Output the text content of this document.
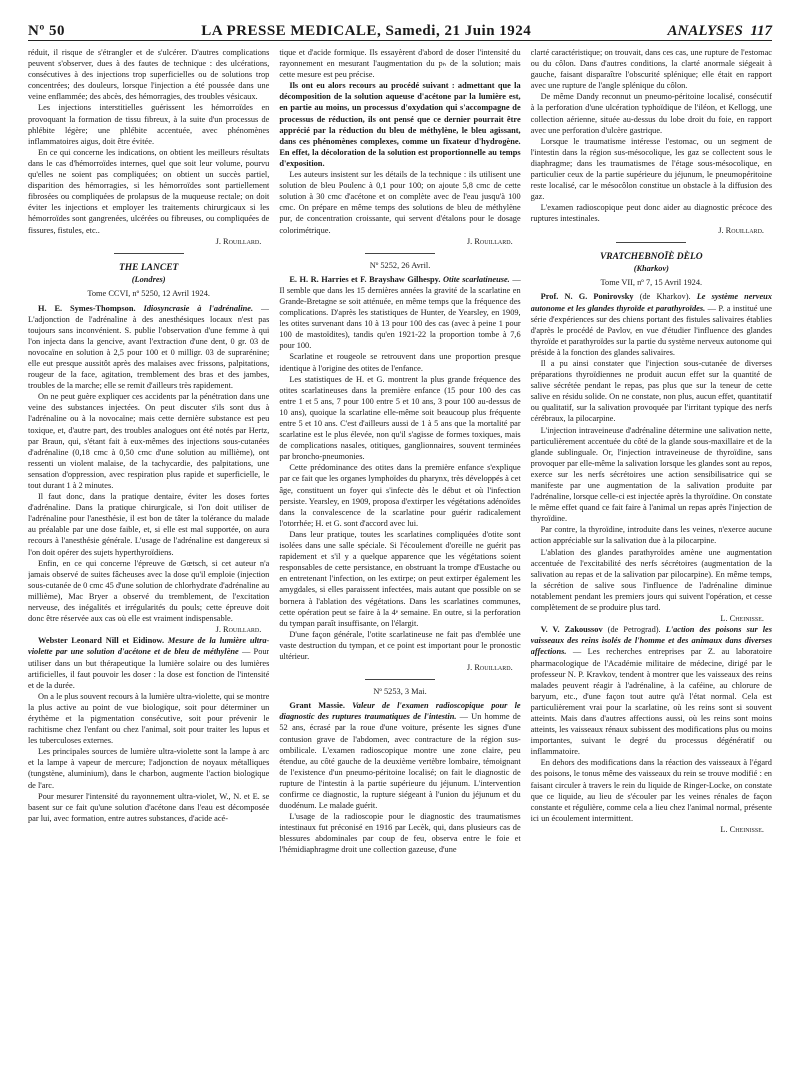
Nº 50	LA PRESSE MEDICALE, Samedi, 21 Juin 1924	ANALYSES 117

réduit, il risque de s'étrangler et de s'ulcérer. D'autres complications peuvent s'observer, dues à des fautes de technique : des ulcérations, consécutives à des injections trop superficielles ou de solutions trop concentrées; des douleurs, lorsque l'injection a été poussée dans une veine enflammée; des abcès, des hémorragies, des troubles vésicaux.

Les injections interstitielles guérissent les hémorroïdes en provoquant la formation de tissu fibreux, à la suite d'un processus de phlébite légère; une phlébite accentuée, avec phénomènes inflammatoires aigus, doit être évitée.

En ce qui concerne les indications, on obtient les meilleurs résultats dans le cas d'hémorroïdes internes, quel que soit leur volume, pourvu qu'elles ne soient pas compliquées; on obtient un succès partiel, disparition des hémorragies, si les hémorroïdes sont partiellement fibrosées ou compliquées de prolapsus de la muqueuse rectale; on doit éviter les injections et employer les traitements chirurgicaux si les hémorroïdes sont gangrenées, ulcérées ou fibreuses, ou compliquées de fissures, fistules, etc..

J. Rouillard.
THE LANCET
(Londres)
Tome CCVI, nº 5250, 12 Avril 1924.

H. E. Symes-Thompson. Idiosyncrasie à l'adrénaline. — L'adjonction de l'adrénaline à des anesthésiques locaux n'est pas toujours sans inconvénient. S. publie l'observation d'une femme à qui l'on injecta dans la gencive, avant l'extraction d'une dent, 0 gr. 03 de novocaïne en solution à 2,5 pour 100 et 0 milligr. 03 de suprarénine; elle eut presque aussitôt après des malaises avec frissons, palpitations, rougeur de la face, agitation, tremblement des bras et des jambes, troubles de la marche; elle se remit d'ailleurs très rapidement.

On ne peut guère expliquer ces accidents par la pénétration dans une veine des substances injectées. On peut discuter s'ils sont dus à l'adrénaline ou à la novocaïne; mais cette dernière substance est peu toxique, et, d'autre part, des troubles analogues ont été notés par Hertz, par Braun, qui, s'étant fait à eux-mêmes des injections sous-cutanées d'adrénaline (0,18 cmc à 0,50 cmc d'une solution au millième), ont ressenti un violent malaise, de la tachycardie, des palpitations, une sensation d'oppression, avec respiration plus rapide et superficielle, le tout durant 1 à 2 minutes.

Il faut donc, dans la pratique dentaire, éviter les doses fortes d'adrénaline. Dans la pratique chirurgicale, si l'on doit utiliser de l'adrénaline pour l'anesthésie, il est bon de tâter la tolérance du malade au préalable par une dose faible, et, si elle est mal supportée, on aura recours à l'anesthésie générale. L'usage de l'adrénaline est dangereux si l'on doit opérer des sujets hyperthyroïdiens.

Enfin, en ce qui concerne l'épreuve de Gœtsch, si cet auteur n'a jamais observé de suites fâcheuses avec la dose qu'il emploie (injection sous-cutanée de 0 cmc 45 d'une solution de chlorhydrate d'adrénaline au millième), Mac Bryer a observé du tremblement, de l'excitation nerveuse, des inégalités et irrégularités du pouls; cette épreuve doit donc être réservée aux cas où elle est vraiment indispensable.

J. Rouillard.

Webster Leonard Nill et Eidinow. Mesure de la lumière ultra-violette par une solution d'acétone et de bleu de méthylène — Pour utiliser dans un but thérapeutique la lumière solaire ou des lumières artificielles, il faut pouvoir les doser : la dose est fonction de l'intensité et de la durée.

On a le plus souvent recours à la lumière ultra-violette, qui se montre la plus active au point de vue biologique, soit pour déterminer un érythème et la pigmentation consécutive, soit pour prévenir le rachitisme chez l'enfant ou chez l'animal, soit pour traiter les lupus et les tuberculoses externes.

Les principales sources de lumière ultra-violette sont la lampe à arc et la lampe à vapeur de mercure; l'adjonction de noyaux métalliques (tungstène, aluminium), dans le charbon, augmente l'action biologique de l'arc.

Pour mesurer l'intensité du rayonnement ultra-violet, W., N. et E. se basent sur ce fait qu'une solution d'acétone dans l'eau est décomposée par lui, avec formation, entre autres substances, d'acide acé-

tique et d'acide formique. Ils essayèrent d'abord de doser l'intensité du rayonnement en mesurant l'augmentation du pₕ de la solution; mais cette mesure est peu précise.

Ils ont eu alors recours au procédé suivant : admettant que la décomposition de la solution aqueuse d'acétone par la lumière est, en partie au moins, un processus d'oxydation qui s'accompagne de processus de réduction, ils ont pensé que ce dernier pourrait être apprécié par la réduction du bleu de méthylène, le bleu agissant, dans ces phénomènes complexes, comme un fixateur d'hydrogène. En effet, la décoloration de la solution est proportionnelle au temps d'exposition.

Les auteurs insistent sur les détails de la technique : ils utilisent une solution de bleu Poulenc à 0,1 pour 100; on ajoute 5,8 cmc de cette solution à 30 cmc d'acétone et on complète avec de l'eau jusqu'à 100 cmc. On prépare en même temps des solutions de bleu de méthylène pur, de concentration croissante, qui servent d'étalons pour le dosage colorimétrique.

J. Rouillard.
Nº 5252, 26 Avril.

E. H. R. Harries et F. Brayshaw Gilhespy. Otite scarlatineuse. — Il semble que dans les 15 dernières années la gravité de la scarlatine en Grande-Bretagne se soit atténuée, en même temps que la fréquence des complications. D'après les statistiques de Hunter, de Yearsley, en 1909, les otites survenant dans 10 à 13 pour 100 des cas (avec à peine 1 pour 100 de mastoïdites), tandis qu'en 1921-22 la proportion tombe à 7,6 pour 100.

Scarlatine et rougeole se retrouvent dans une proportion presque identique à l'origine des otites de l'enfance.

Les statistiques de H. et G. montrent la plus grande fréquence des otites scarlatineuses dans la première enfance (15 pour 100 des cas entre 1 et 5 ans, 7 pour 100 entre 5 et 10 ans, 3 pour 100 au-dessus de 10 ans), quoique la scarlatine elle-même soit beaucoup plus fréquente entre 5 et 10 ans. C'est d'ailleurs aussi de 1 à 5 ans que la mortalité par scarlatine est le plus élevée, non qu'il s'agisse de formes toxiques, mais de complications nasales, otitiques, ganglionnaires, souvent terminées par broncho-pneumonies.

Cette prédominance des otites dans la première enfance s'explique par ce fait que les organes lymphoïdes du pharynx, très développés à cet âge, constituent un foyer qui s'infecte dès le début et où l'infection persiste. Yearsley, en 1909, proposa d'extirper les végétations adénoïdes dans la convalescence de la scarlatine pour guérir radicalement l'otorrhée; H. et G. sont d'accord avec lui.

Dans leur pratique, toutes les scarlatines compliquées d'otite sont isolées dans une salle spéciale. Si l'écoulement d'oreille ne guérit pas rapidement et s'il y a quelque apparence que les végétations soient responsables de cette persistance, en obstruant la trompe d'Eustache ou en entretenant l'infection, on les extirpe; on peut extirper également les amygdales, si elles paraissent infectées, mais autant que possible on se bornera à l'ablation des végétations. Dans les scarlatines communes, cette opération peut se faire à la 4ᵉ semaine. En outre, si la perforation du tympan paraît insuffisante, on l'élargit.

D'une façon générale, l'otite scarlatineuse ne fait pas d'emblée une vaste destruction du tympan, et ce point est important pour le pronostic ultérieur.

J. Rouillard.
Nº 5253, 3 Mai.

Grant Massie. Valeur de l'examen radioscopique pour le diagnostic des ruptures traumatiques de l'intestin. — Un homme de 52 ans, écrasé par la roue d'une voiture, présente les signes d'une contusion grave de l'abdomen, avec contracture de la région sus-ombilicale. L'examen radioscopique montre une zone claire, peu étendue, au côté gauche de la deuxième vertèbre lombaire, témoignant de l'existence d'un pneumo-péritoine localisé; on fait le diagnostic de rupture de l'intestin à la partie supérieure du jéjunum. L'intervention confirme ce diagnostic, la rupture siégeant à l'union du jéjunum et du duodénum. Le malade guérit.

L'usage de la radioscopie pour le diagnostic des traumatismes intestinaux fut préconisé en 1916 par Lecèk, qui, dans plusieurs cas de blessures abdominales par coup de feu, observa entre le foie et l'hémidiaphragme droit une collection gazeuse, d'une

clarté caractéristique; on trouvait, dans ces cas, une rupture de l'estomac ou du côlon. Dans d'autres conditions, la clarté anormale siégeait à gauche, faisant disparaître l'obscurité splénique; elle était en rapport avec une rupture de l'angle splénique du côlon.

De même Dandy reconnut un pneumo-péritoine localisé, consécutif à la perforation d'une ulcération typhoïdique de l'iléon, et Kellogg, une collection aérienne, située au-dessus du lobe droit du foie, en rapport avec une perforation d'ulcère gastrique.

Lorsque le traumatisme intéresse l'estomac, ou un segment de l'intestin dans la région sus-mésocolique, les gaz se collectent sous le diaphragme; dans les traumatismes de l'étage sous-mésocolique, en particulier ceux de la partie supérieure du jéjunum, le pneumopéritoine reste localisé, car le mésocôlon constitue un obstacle à la diffusion des gaz.

L'examen radioscopique peut donc aider au diagnostic précoce des ruptures intestinales.

J. Rouillard.
VRATCHEBNOÏÈ DÈLO
(Kharkov)
Tome VII, nº 7, 15 Avril 1924.

Prof. N. G. Ponirovsky (de Kharkov). Le système nerveux autonome et les glandes thyroïde et parathyroïdes. — P. a institué une série d'expériences sur des chiens portant des fistules salivaires établies d'après le procédé de Pavlov, en vue d'étudier l'influence des glandes thyroïde et parathyroïdes sur la partie du système nerveux autonome qui préside à la fonction des glandes salivaires.

Il a pu ainsi constater que l'injection sous-cutanée de diverses préparations thyroïdiennes ne produit aucun effet sur la quantité de salive sécrétée pendant le repas, pas plus que sur la teneur de cette salive en résidu solide. On ne constate, non plus, aucun effet, quantitatif ou qualitatif, sur la salivation provoquée par l'irritant typique des nerfs cérébraux, la pilocarpine.

L'injection intraveineuse d'adrénaline détermine une salivation nette, particulièrement accentuée du côté de la glande sous-maxillaire et de la glande sublinguale. Or, l'injection intraveineuse de thyroïdine, sans provoquer par elle-même la salivation lorsque les glandes sont au repos, exerce sur les nerfs sécrétoires une action sensibilisatrice qui se manifeste par une augmentation de la salivation produite par l'adrénaline, lorsque celle-ci est injectée après la thyroïdine. On constate le même effet quand ce fait faire à l'animal un repas après l'injection de thyroïdine.

Par contre, la thyroïdine, introduite dans les veines, n'exerce aucune action appréciable sur la salivation due à la pilocarpine.

L'ablation des glandes parathyroïdes amène une augmentation accentuée de l'excitabilité des nerfs sécrétoires (augmentation de la salivation au repas et de la salivation par pilocarpine). En même temps, la sécrétion de salive sous l'influence de l'adrénaline diminue notablement pendant les premiers jours qui suivent l'opération, et cesse complètement de se produire plus tard.

L. Cheinisse.

V. V. Zakoussov (de Petrograd). L'action des poisons sur les vaisseaux des reins isolés de l'homme et des animaux dans diverses affections. — Les recherches entreprises par Z. au laboratoire pharmacologique de l'Académie militaire de médecine, dirigé par le professeur N. P. Kravkov, tendent à montrer que les vaisseaux des reins malades peuvent réagir à l'adrénaline, à la caféine, au chlorure de baryum, etc., d'une façon tout autre qu'à l'état normal. Cela est particulièrement vrai pour la scarlatine, où les reins sont si souvent atteints. Mais dans d'autres affections aussi, où les reins sont moins atteints, les vaisseaux rénaux subissent des modifications plus ou moins importantes, suivant le degré du processus dégénératif ou inflammatoire.

En dehors des modifications dans la réaction des vaisseaux à l'égard des poisons, le tonus même des vaisseaux du rein se trouve modifié : en faisant circuler à travers le rein du liquide de Ringer-Locke, on constate que ce liquide, au lieu de s'écouler par les veines rénales de façon constante et régulière, comme cela a lieu chez l'animal normal, présente ici un écoulement intermittent.

L. Cheinisse.
